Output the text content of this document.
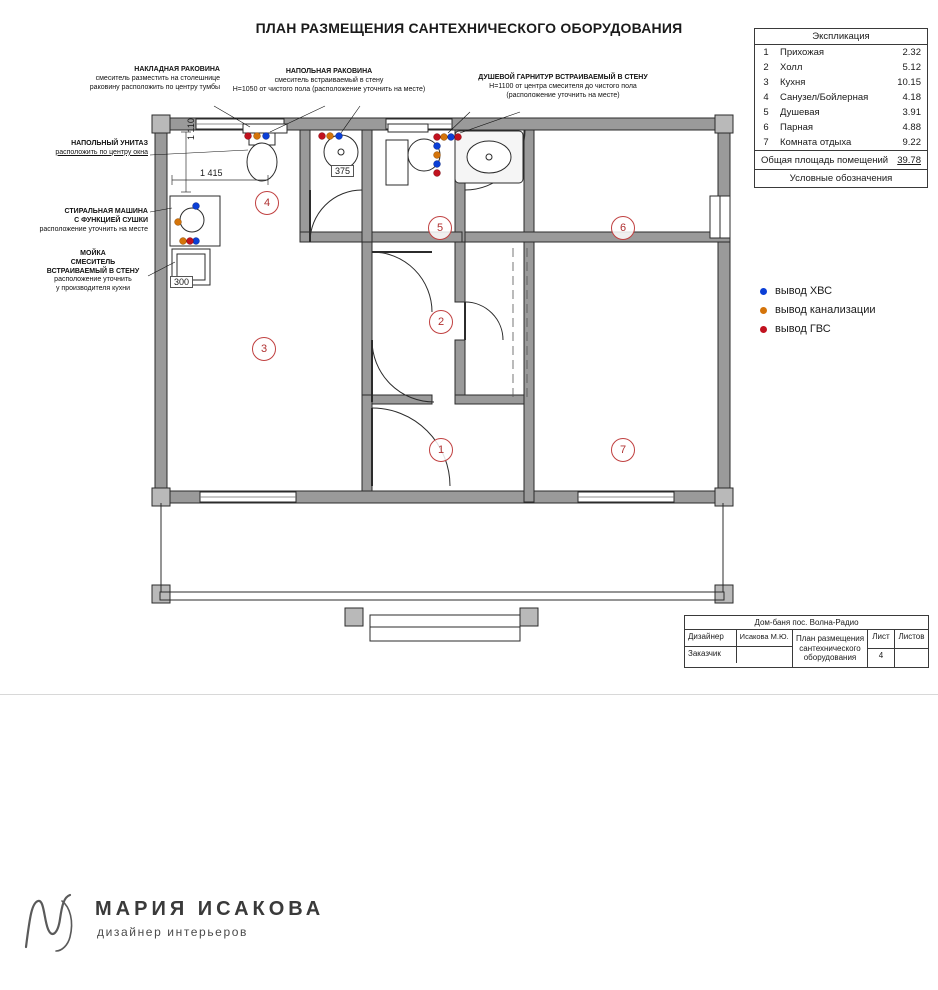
ПЛАН РАЗМЕЩЕНИЯ САНТЕХНИЧЕСКОГО ОБОРУДОВАНИЯ
1 110
1 415	375
300
НАКЛАДНАЯ РАКОВИНА
смеситель разместить на столешнице
раковину расположить по центру тумбы
НАПОЛЬНЫЙ УНИТАЗ
расположить по центру окна
СТИРАЛЬНАЯ МАШИНА
С ФУНКЦИЕЙ СУШКИ
расположение уточнить на месте
МОЙКА
СМЕСИТЕЛЬ
ВСТРАИВАЕМЫЙ В СТЕНУ
расположение уточнить
у производителя кухни
НАПОЛЬНАЯ РАКОВИНА
смеситель встраиваемый в стену
H=1050 от чистого пола (расположение уточнить на месте)
ДУШЕВОЙ ГАРНИТУР ВСТРАИВАЕМЫЙ В СТЕНУ
H=1100 от центра смесителя до чистого пола
(расположение уточнить на месте)
4
5	6
2
3
1	7
Экспликация
1	Прихожая	2.32
2	Холл	5.12
3	Кухня	10.15
4	Санузел/Бойлерная	4.18
5	Душевая	3.91
6	Парная	4.88
7	Комната отдыха	9.22
Общая площадь помещений 39.78
Условные обозначения
вывод ХВС
вывод канализации
вывод ГВС
Дом-баня пос. Волна-Радио
Дизайнер	Исакова М.Ю.
Заказчик
План размещения сантехнического оборудования
Лист
4
Листов
МАРИЯ ИСАКОВА
дизайнер интерьеров
